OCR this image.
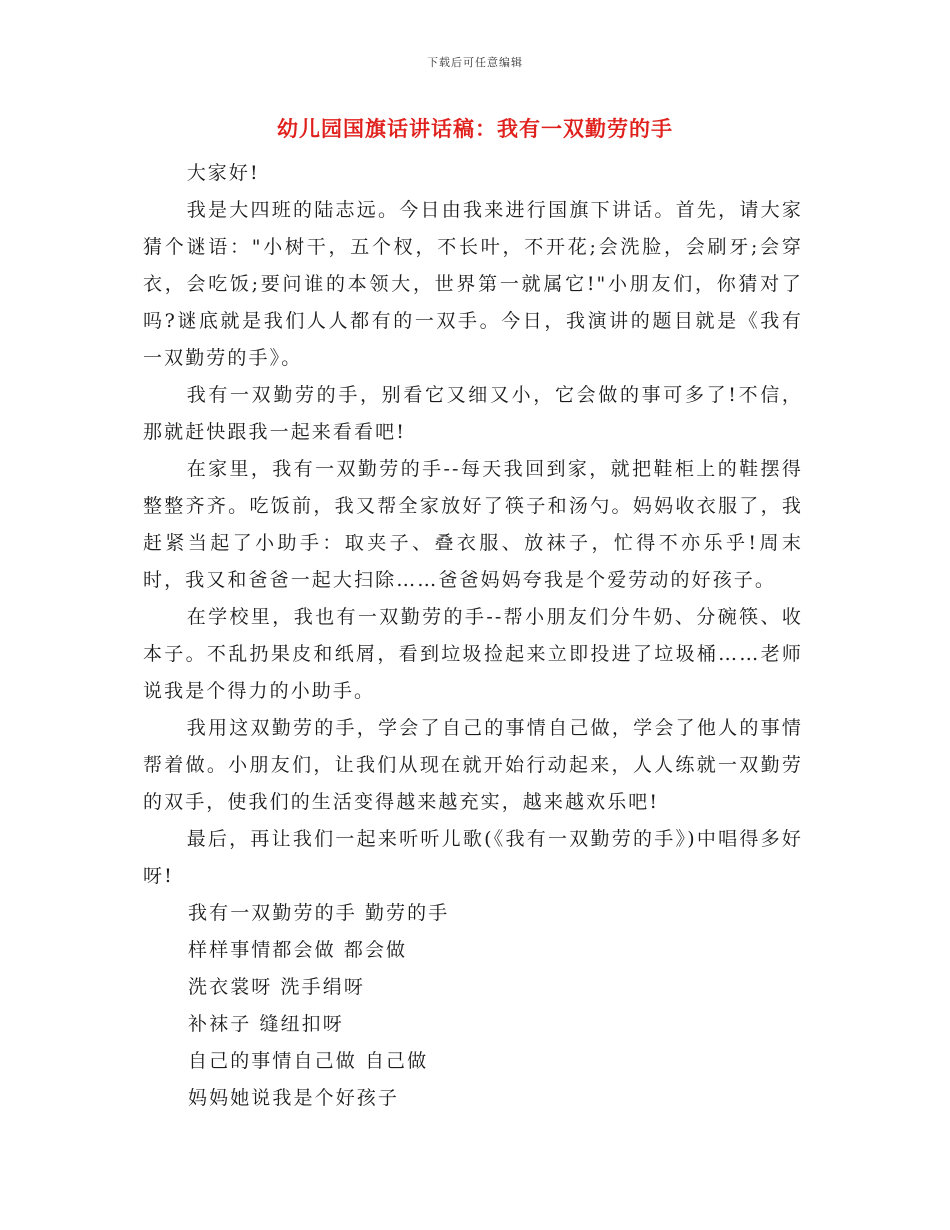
下载后可任意编辑
幼儿园国旗话讲话稿：我有一双勤劳的手

大家好!

我是大四班的陆志远。今日由我来进行国旗下讲话。首先，请大家猜个谜语："小树干，五个杈，不长叶，不开花;会洗脸，会刷牙;会穿衣，会吃饭;要问谁的本领大，世界第一就属它!"小朋友们，你猜对了吗?谜底就是我们人人都有的一双手。今日，我演讲的题目就是《我有一双勤劳的手》。

我有一双勤劳的手，别看它又细又小，它会做的事可多了!不信，那就赶快跟我一起来看看吧!

在家里，我有一双勤劳的手--每天我回到家，就把鞋柜上的鞋摆得整整齐齐。吃饭前，我又帮全家放好了筷子和汤勺。妈妈收衣服了，我赶紧当起了小助手：取夹子、叠衣服、放袜子，忙得不亦乐乎!周末时，我又和爸爸一起大扫除……爸爸妈妈夸我是个爱劳动的好孩子。

在学校里，我也有一双勤劳的手--帮小朋友们分牛奶、分碗筷、收本子。不乱扔果皮和纸屑，看到垃圾捡起来立即投进了垃圾桶……老师说我是个得力的小助手。

我用这双勤劳的手，学会了自己的事情自己做，学会了他人的事情帮着做。小朋友们，让我们从现在就开始行动起来，人人练就一双勤劳的双手，使我们的生活变得越来越充实，越来越欢乐吧!

最后，再让我们一起来听听儿歌(《我有一双勤劳的手》)中唱得多好呀!

我有一双勤劳的手 勤劳的手

样样事情都会做 都会做

洗衣裳呀 洗手绢呀

补袜子 缝纽扣呀

自己的事情自己做 自己做

妈妈她说我是个好孩子
